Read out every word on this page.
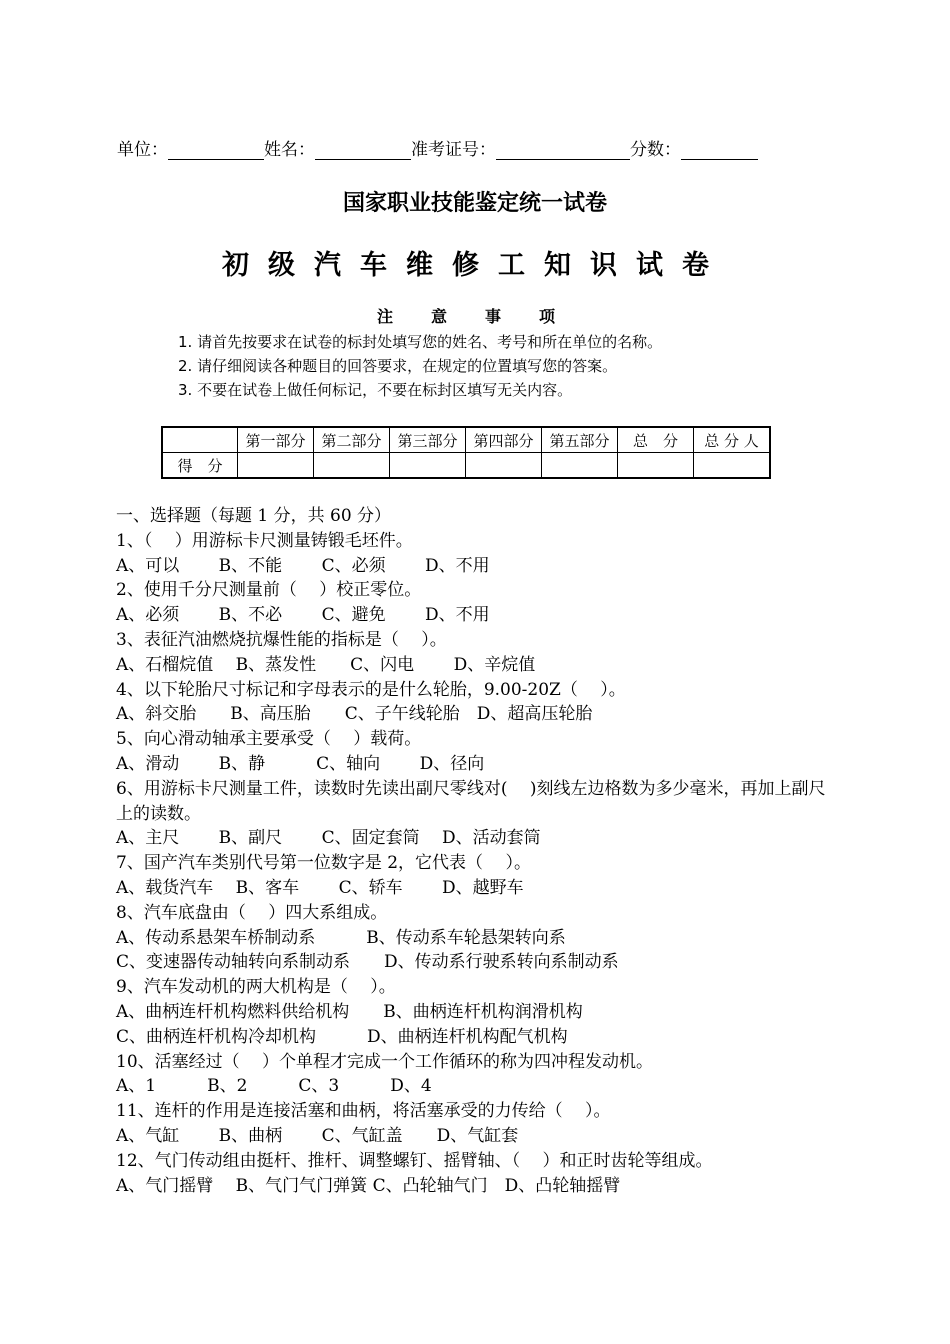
单位：	姓名：	准考证号：	分数：
国家职业技能鉴定统一试卷
初级汽车维修工知识试卷
注意事项
1. 请首先按要求在试卷的标封处填写您的姓名、考号和所在单位的名称。
2. 请仔细阅读各种题目的回答要求，在规定的位置填写您的答案。
3. 不要在试卷上做任何标记，不要在标封区填写无关内容。
	第一部分	第二部分	第三部分	第四部分	第五部分	总　分	总 分 人
得　分							
一、选择题（每题 1 分，共 60 分）
1、（　 ）用游标卡尺测量铸锻毛坯件。
A、可以　　 B、不能　　 C、必须　　 D、不用
2、使用千分尺测量前（　 ）校正零位。
A、必须　　 B、不必　　 C、避免　　 D、不用
3、表征汽油燃烧抗爆性能的指标是（　 ）。
A、石榴烷值　 B、蒸发性　　C、闪电　　 D、辛烷值
4、以下轮胎尺寸标记和字母表示的是什么轮胎，9.00-20Z（　 ）。
A、斜交胎　　B、高压胎　　C、子午线轮胎　D、超高压轮胎
5、向心滑动轴承主要承受（　 ）载荷。
A、滑动　　 B、静　　　C、轴向　　 D、径向
6、用游标卡尺测量工件，读数时先读出副尺零线对(　 )刻线左边格数为多少毫米，再加上副尺上的读数。
A、主尺　　 B、副尺　　 C、固定套筒　 D、活动套筒
7、国产汽车类别代号第一位数字是 2，它代表（　 ）。
A、载货汽车　 B、客车　　 C、轿车　　 D、越野车
8、汽车底盘由（　 ）四大系组成。
A、传动系悬架车桥制动系　　　B、传动系车轮悬架转向系
C、变速器传动轴转向系制动系　　D、传动系行驶系转向系制动系
9、汽车发动机的两大机构是（　 ）。
A、曲柄连杆机构燃料供给机构　　B、曲柄连杆机构润滑机构
C、曲柄连杆机构冷却机构　　　D、曲柄连杆机构配气机构
10、活塞经过（　 ）个单程才完成一个工作循环的称为四冲程发动机。
A、1　　　B、2　　　C、3　　　D、4
11、连杆的作用是连接活塞和曲柄，将活塞承受的力传给（　 ）。
A、气缸　　 B、曲柄　　 C、气缸盖　　D、气缸套
12、气门传动组由挺杆、推杆、调整螺钉、摇臂轴、（　 ）和正时齿轮等组成。
A、气门摇臂　 B、气门气门弹簧 C、凸轮轴气门　D、凸轮轴摇臂
